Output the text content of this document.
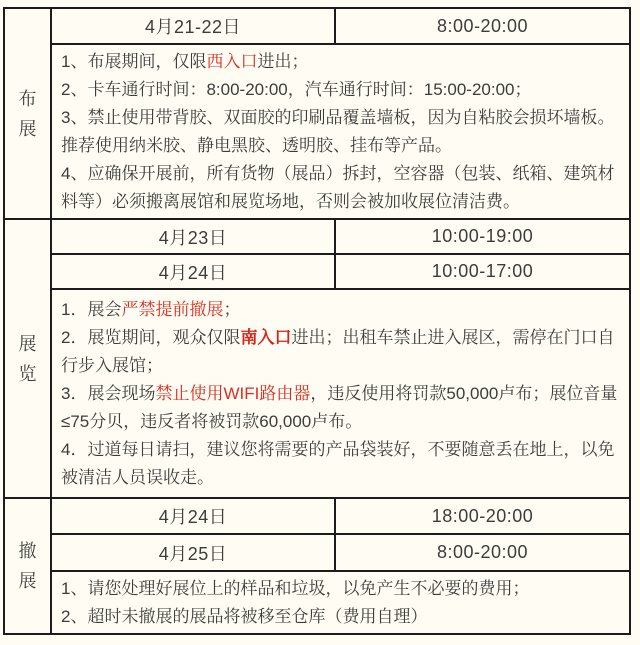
布展	4月21-22日	8:00-20:00

	1、布展期间，仅限西入口进出；

2、卡车通行时间：8:00-20:00，汽车通行时间：15:00-20:00；

3、禁止使用带背胶、双面胶的印刷品覆盖墙板，因为自粘胶会损坏墙板。推荐使用纳米胶、静电黑胶、透明胶、挂布等产品。

4、应确保开展前，所有货物（展品）拆封，空容器（包装、纸箱、建筑材料等）必须搬离展馆和展览场地，否则会被加收展位清洁费。	

展览	4月23日	10:00-19:00
	4月24日	10:00-17:00

	1．展会严禁提前撤展；

2．展览期间，观众仅限南入口进出；出租车禁止进入展区，需停在门口自行步入展馆；

3．展会现场禁止使用WIFI路由器，违反使用将罚款50,000卢布；展位音量≤75分贝，违反者将被罚款60,000卢布。

4．过道每日请扫，建议您将需要的产品袋装好，不要随意丢在地上，以免被清洁人员误收走。	

撤展	4月24日	18:00-20:00
	4月25日	8:00-20:00

	1、请您处理好展位上的样品和垃圾，以免产生不必要的费用；

2、超时未撤展的展品将被移至仓库（费用自理）	
